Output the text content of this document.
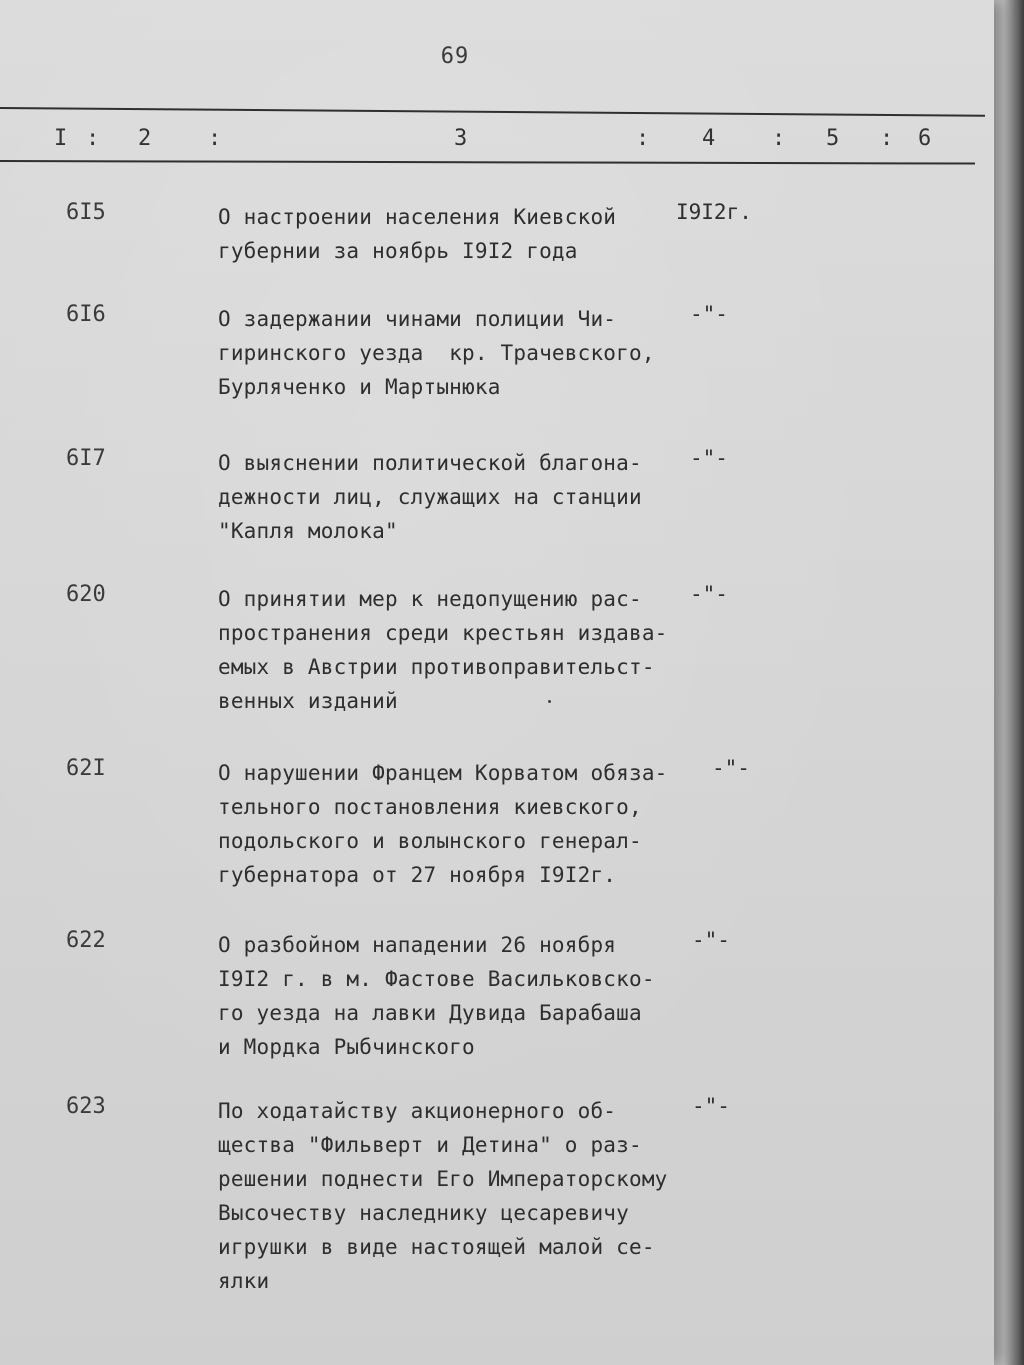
69
I : 2	:	3	: 4	: 5 : 6
6I5	О настроении населения Киевской
губернии за ноябрь I9I2 года
I9I2г.
6I6	О задержании чинами полиции Чи-
гиринского уезда  кр. Трачевского,
Бурляченко и Мартынюка
-"-
6I7	О выяснении политической благона-
дежности лиц, служащих на станции
"Капля молока"
-"-
620	О принятии мер к недопущению рас-
пространения среди крестьян издава-
емых в Австрии противоправительст-
венных изданий
-"-
62I	О нарушении Францем Корватом обяза-
тельного постановления киевского,
подольского и волынского генерал-
губернатора от 27 ноября I9I2г.
-"-
622	О разбойном нападении 26 ноября
I9I2 г. в м. Фастове Васильковско-
го уезда на лавки Дувида Барабаша
и Мордка Рыбчинского
-"-
623	По ходатайству акционерного об-
щества "Фильверт и Детина" о раз-
решении поднести Его Императорскому
Высочеству наследнику цесаревичу
игрушки в виде настоящей малой се-
ялки
-"-
